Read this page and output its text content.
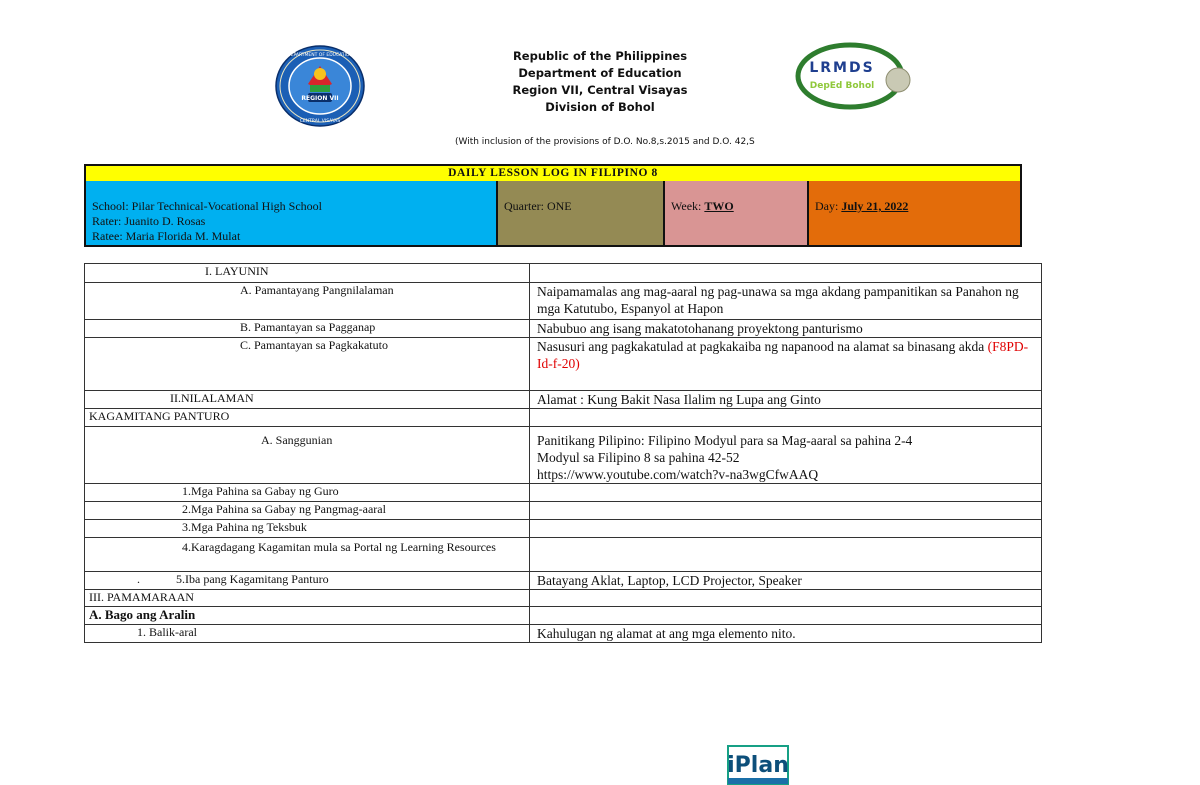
REGION VII
DEPARTMENT OF EDUCATION
CENTRAL VISAYAS
LRMDS
DepEd Bohol
Republic of the Philippines
Department of Education
Region VII, Central Visayas
Division of Bohol
(With inclusion of the provisions of D.O. No.8,s.2015 and D.O. 42,S
DAILY LESSON LOG IN FILIPINO 8
School: Pilar Technical-Vocational High School
Rater: Juanito D. Rosas
Ratee: Maria Florida M. Mulat
Quarter: ONE	Week: TWO	Day: July 21, 2022
I. LAYUNIN	
A. Pamantayang Pangnilalaman	Naipamamalas ang mag-aaral ng pag-unawa sa mga akdang pampanitikan sa Panahon ng mga Katutubo, Espanyol at Hapon
B. Pamantayan sa Pagganap	Nabubuo ang isang makatotohanang proyektong panturismo
C. Pamantayan sa Pagkakatuto	Nasusuri ang pagkakatulad at pagkakaiba ng napanood na alamat sa binasang akda (F8PD-Id-f-20)
II.NILALAMAN	Alamat : Kung Bakit Nasa Ilalim ng Lupa ang Ginto
KAGAMITANG PANTURO	
A. Sanggunian	Panitikang Pilipino: Filipino Modyul para sa Mag-aaral sa pahina 2-4
Modyul sa Filipino 8 sa pahina 42-52
https://www.youtube.com/watch?v-na3wgCfwAAQ

1.Mga Pahina sa Gabay ng Guro	
2.Mga Pahina sa Gabay ng Pangmag-aaral	
3.Mga Pahina ng Teksbuk	
4.Karagdagang Kagamitan mula sa Portal ng Learning Resources	
. 5.Iba pang Kagamitang Panturo	Batayang Aklat, Laptop, LCD Projector, Speaker
III. PAMAMARAAN	
A. Bago ang Aralin	
1. Balik-aral	Kahulugan ng alamat at ang mga elemento nito.
iPlan
